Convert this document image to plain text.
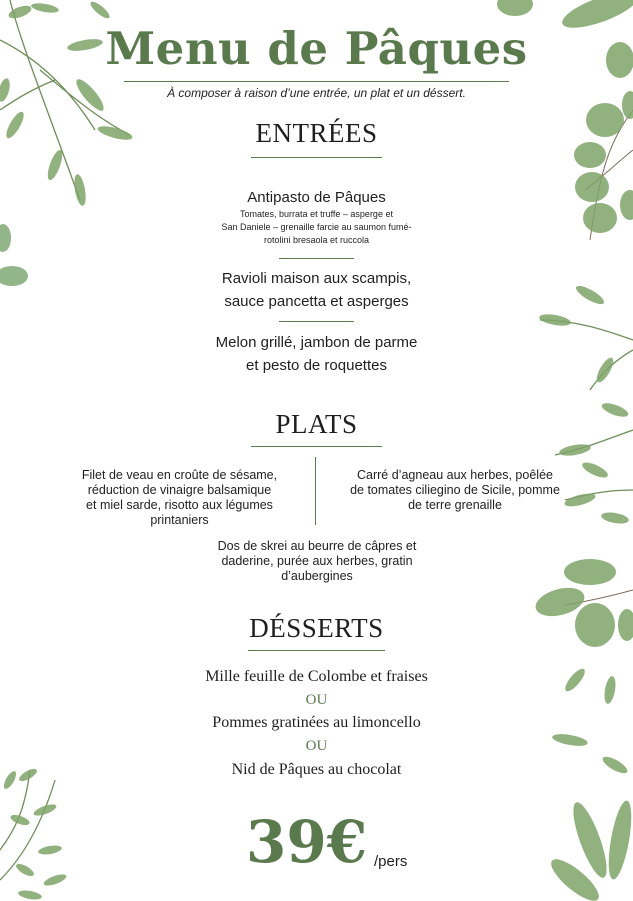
Menu de Pâques
À composer à raison d’une entrée, un plat et un déssert.
ENTRÉES
Antipasto de Pâques
Tomates, burrata et truffe – asperge et
San Daniele – grenaille farcie au saumon fumé-
rotolini bresaola et ruccola
Ravioli maison aux scampis,
sauce pancetta et asperges
Melon grillé, jambon de parme
et pesto de roquettes
PLATS
Filet de veau en croûte de sésame,
réduction de vinaigre balsamique
et miel sarde, risotto aux légumes
printaniers
Carré d’agneau aux herbes, poêlée
de tomates ciliegino de Sicile, pomme
de terre grenaille
Dos de skrei au beurre de câpres et
daderine, purée aux herbes, gratin
d’aubergines
DÉSSERTS
Mille feuille de Colombe et fraises
OU
Pommes gratinées au limoncello
OU
Nid de Pâques au chocolat
39€ /pers
